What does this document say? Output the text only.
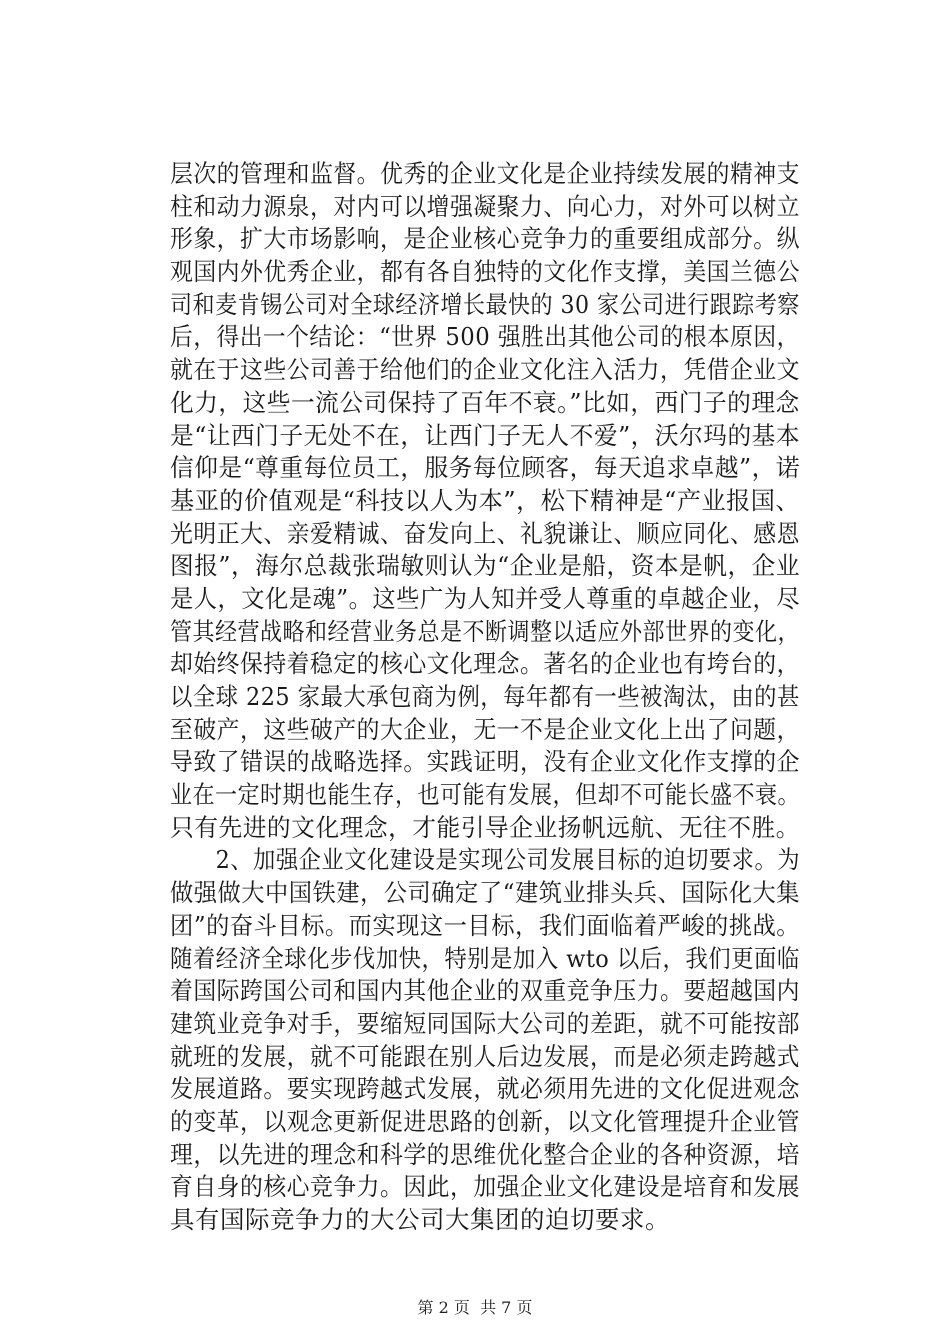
层次的管理和监督。优秀的企业文化是企业持续发展的精神支
柱和动力源泉，对内可以增强凝聚力、向心力，对外可以树立
形象，扩大市场影响，是企业核心竞争力的重要组成部分。纵
观国内外优秀企业，都有各自独特的文化作支撑，美国兰德公
司和麦肯锡公司对全球经济增长最快的 30 家公司进行跟踪考察
后，得出一个结论：“世界 500 强胜出其他公司的根本原因，
就在于这些公司善于给他们的企业文化注入活力，凭借企业文
化力，这些一流公司保持了百年不衰。”比如，西门子的理念
是“让西门子无处不在，让西门子无人不爱”，沃尔玛的基本
信仰是“尊重每位员工，服务每位顾客，每天追求卓越”，诺
基亚的价值观是“科技以人为本”，松下精神是“产业报国、
光明正大、亲爱精诚、奋发向上、礼貌谦让、顺应同化、感恩
图报”，海尔总裁张瑞敏则认为“企业是船，资本是帆，企业
是人，文化是魂”。这些广为人知并受人尊重的卓越企业，尽
管其经营战略和经营业务总是不断调整以适应外部世界的变化，
却始终保持着稳定的核心文化理念。著名的企业也有垮台的，
以全球 225 家最大承包商为例，每年都有一些被淘汰，由的甚
至破产，这些破产的大企业，无一不是企业文化上出了问题，
导致了错误的战略选择。实践证明，没有企业文化作支撑的企
业在一定时期也能生存，也可能有发展，但却不可能长盛不衰。
只有先进的文化理念，才能引导企业扬帆远航、无往不胜。
　　2、加强企业文化建设是实现公司发展目标的迫切要求。为
做强做大中国铁建，公司确定了“建筑业排头兵、国际化大集
团”的奋斗目标。而实现这一目标，我们面临着严峻的挑战。
随着经济全球化步伐加快，特别是加入 wto 以后，我们更面临
着国际跨国公司和国内其他企业的双重竞争压力。要超越国内
建筑业竞争对手，要缩短同国际大公司的差距，就不可能按部
就班的发展，就不可能跟在别人后边发展，而是必须走跨越式
发展道路。要实现跨越式发展，就必须用先进的文化促进观念
的变革，以观念更新促进思路的创新，以文化管理提升企业管
理，以先进的理念和科学的思维优化整合企业的各种资源，培
育自身的核心竞争力。因此，加强企业文化建设是培育和发展
具有国际竞争力的大公司大集团的迫切要求。
第 2 页  共 7 页
